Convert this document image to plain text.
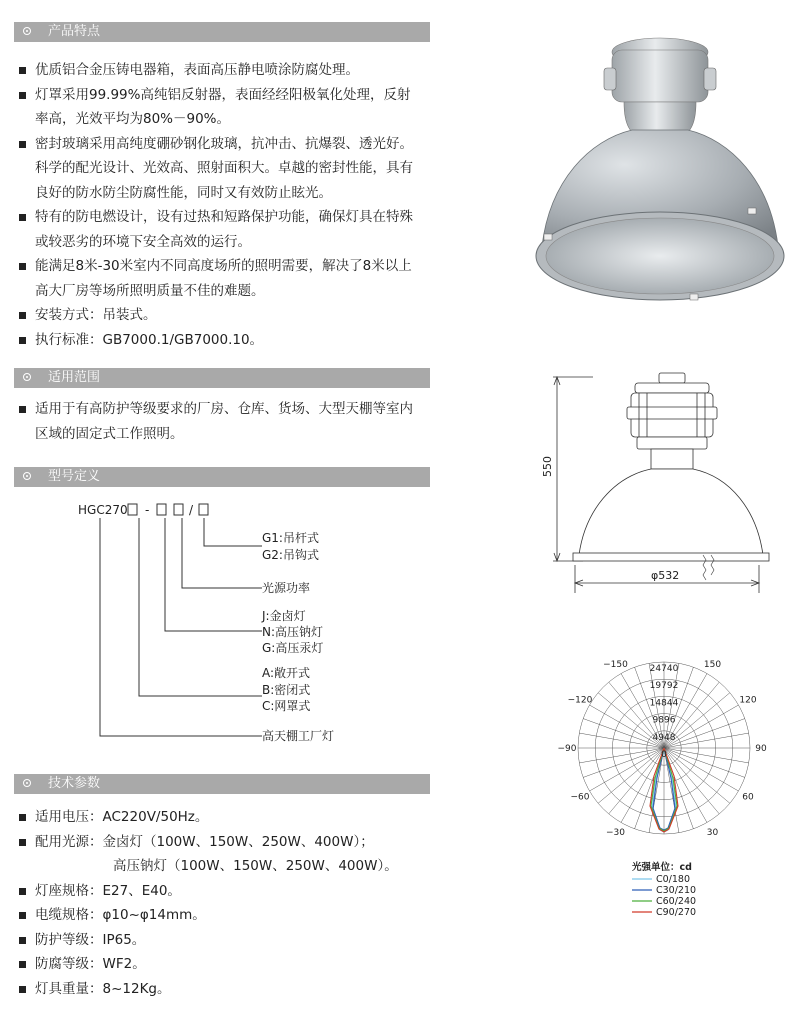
产品特点
优质铝合金压铸电器箱，表面高压静电喷涂防腐处理。
灯罩采用99.99%高纯铝反射器，表面经经阳极氧化处理，反射
率高，光效平均为80%－90%。
密封玻璃采用高纯度硼砂钢化玻璃，抗冲击、抗爆裂、透光好。
科学的配光设计、光效高、照射面积大。卓越的密封性能，具有
良好的防水防尘防腐性能，同时又有效防止眩光。
特有的防电燃设计，设有过热和短路保护功能，确保灯具在特殊
或较恶劣的环境下安全高效的运行。
能满足8米-30米室内不同高度场所的照明需要，解决了8米以上
高大厂房等场所照明质量不佳的难题。
安装方式：吊装式。
执行标准：GB7000.1/GB7000.10。
适用范围
适用于有高防护等级要求的厂房、仓库、货场、大型天棚等室内
区域的固定式工作照明。
型号定义
HGC270 -	/
G1:吊杆式
G2:吊钩式
光源功率
J:金卤灯
N:高压钠灯
G:高压汞灯
A:敞开式
B:密闭式
C:网罩式
高天棚工厂灯
技术参数
适用电压：AC220V/50Hz。
配用光源：金卤灯（100W、150W、250W、400W）；
高压钠灯（100W、150W、250W、400W）。
灯座规格：E27、E40。
电缆规格：φ10~φ14mm。
防护等级：IP65。
防腐等级：WF2。
灯具重量：8~12Kg。
550
φ532
24740
19792
14844
9896
4948
0
−150	150
−120	120
−90	90
−60	60
−30	30
光强单位：cd
C0/180
C30/210
C60/240
C90/270
